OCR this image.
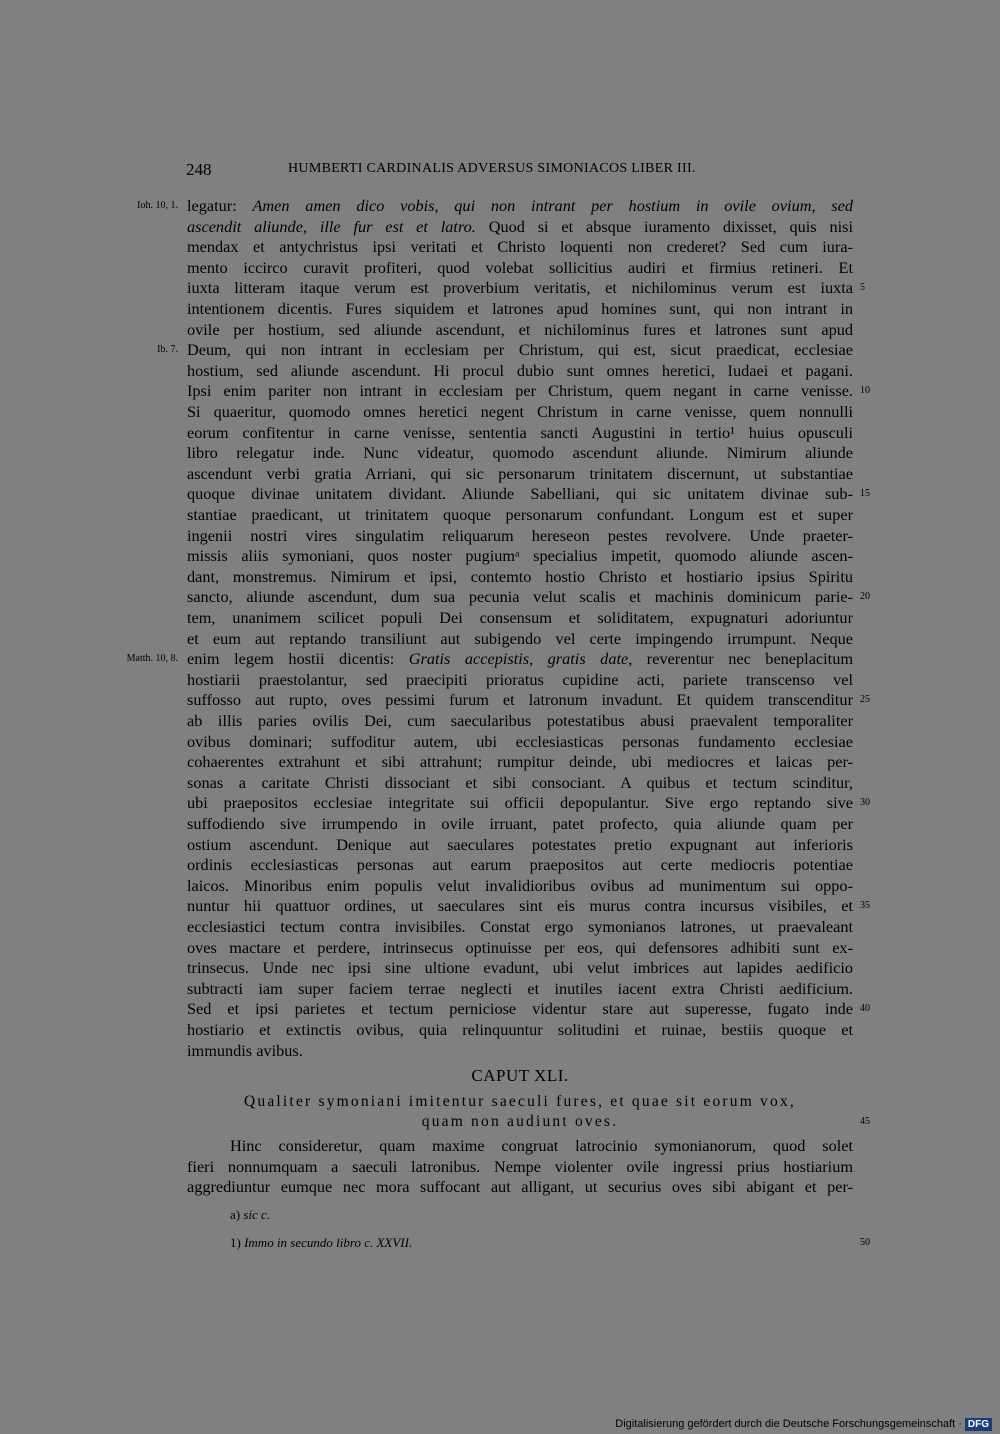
248	HUMBERTI CARDINALIS ADVERSUS SIMONIACOS LIBER III.
legatur: Amen amen dico vobis, qui non intrant per hostium in ovile ovium, sed
Ioh. 10, 1.
ascendit aliunde, ille fur est et latro. Quod si et absque iuramento dixisset, quis nisi
mendax et antychristus ipsi veritati et Christo loquenti non crederet? Sed cum iura-
mento iccirco curavit profiteri, quod volebat sollicitius audiri et firmius retineri. Et
iuxta litteram itaque verum est proverbium veritatis, et nichilominus verum est iuxta 5
intentionem dicentis. Fures siquidem et latrones apud homines sunt, qui non intrant in
ovile per hostium, sed aliunde ascendunt, et nichilominus fures et latrones sunt apud
Deum, qui non intrant in ecclesiam per Christum, qui est, sicut praedicat, ecclesiae
Ib. 7.
hostium, sed aliunde ascendunt. Hi procul dubio sunt omnes heretici, Iudaei et pagani.
Ipsi enim pariter non intrant in ecclesiam per Christum, quem negant in carne venisse. 10
Si quaeritur, quomodo omnes heretici negent Christum in carne venisse, quem nonnulli
eorum confitentur in carne venisse, sententia sancti Augustini in tertio¹ huius opusculi
libro relegatur inde. Nunc videatur, quomodo ascendunt aliunde. Nimirum aliunde
ascendunt verbi gratia Arriani, qui sic personarum trinitatem discernunt, ut substantiae
quoque divinae unitatem dividant. Aliunde Sabelliani, qui sic unitatem divinae sub- 15
stantiae praedicant, ut trinitatem quoque personarum confundant. Longum est et super
ingenii nostri vires singulatim reliquarum hereseon pestes revolvere. Unde praeter-
missis aliis symoniani, quos noster pugiumᵃ specialius impetit, quomodo aliunde ascen-
dant, monstremus. Nimirum et ipsi, contemto hostio Christo et hostiario ipsius Spiritu
sancto, aliunde ascendunt, dum sua pecunia velut scalis et machinis dominicum parie- 20
tem, unanimem scilicet populi Dei consensum et soliditatem, expugnaturi adoriuntur
et eum aut reptando transiliunt aut subigendo vel certe impingendo irrumpunt. Neque
enim legem hostii dicentis: Gratis accepistis, gratis date, reverentur nec beneplacitum
Matth. 10, 8.
hostiarii praestolantur, sed praecipiti prioratus cupidine acti, pariete transcenso vel
suffosso aut rupto, oves pessimi furum et latronum invadunt. Et quidem transcenditur 25
ab illis paries ovilis Dei, cum saecularibus potestatibus abusi praevalent temporaliter
ovibus dominari; suffoditur autem, ubi ecclesiasticas personas fundamento ecclesiae
cohaerentes extrahunt et sibi attrahunt; rumpitur deinde, ubi mediocres et laicas per-
sonas a caritate Christi dissociant et sibi consociant. A quibus et tectum scinditur,
ubi praepositos ecclesiae integritate sui officii depopulantur. Sive ergo reptando sive 30
suffodiendo sive irrumpendo in ovile irruant, patet profecto, quia aliunde quam per
ostium ascendunt. Denique aut saeculares potestates pretio expugnant aut inferioris
ordinis ecclesiasticas personas aut earum praepositos aut certe mediocris potentiae
laicos. Minoribus enim populis velut invalidioribus ovibus ad munimentum sui oppo-
nuntur hii quattuor ordines, ut saeculares sint eis murus contra incursus visibiles, et 35
ecclesiastici tectum contra invisibiles. Constat ergo symonianos latrones, ut praevaleant
oves mactare et perdere, intrinsecus optinuisse per eos, qui defensores adhibiti sunt ex-
trinsecus. Unde nec ipsi sine ultione evadunt, ubi velut imbrices aut lapides aedificio
subtracti iam super faciem terrae neglecti et inutiles iacent extra Christi aedificium.
Sed et ipsi parietes et tectum perniciose videntur stare aut superesse, fugato inde 40
hostiario et extinctis ovibus, quia relinquuntur solitudini et ruinae, bestiis quoque et
immundis avibus.
CAPUT XLI.
Qualiter symoniani imitentur saeculi fures, et quae sit eorum vox,
quam non audiunt oves.	45
Hinc consideretur, quam maxime congruat latrocinio symonianorum, quod solet
fieri nonnumquam a saeculi latronibus. Nempe violenter ovile ingressi prius hostiarium
aggrediuntur eumque nec mora suffocant aut alligant, ut securius oves sibi abigant et per-
a) sic c.
1) Immo in secundo libro c. XXVII.	50
Digitalisierung gefördert durch die Deutsche Forschungsgemeinschaft · DFG
